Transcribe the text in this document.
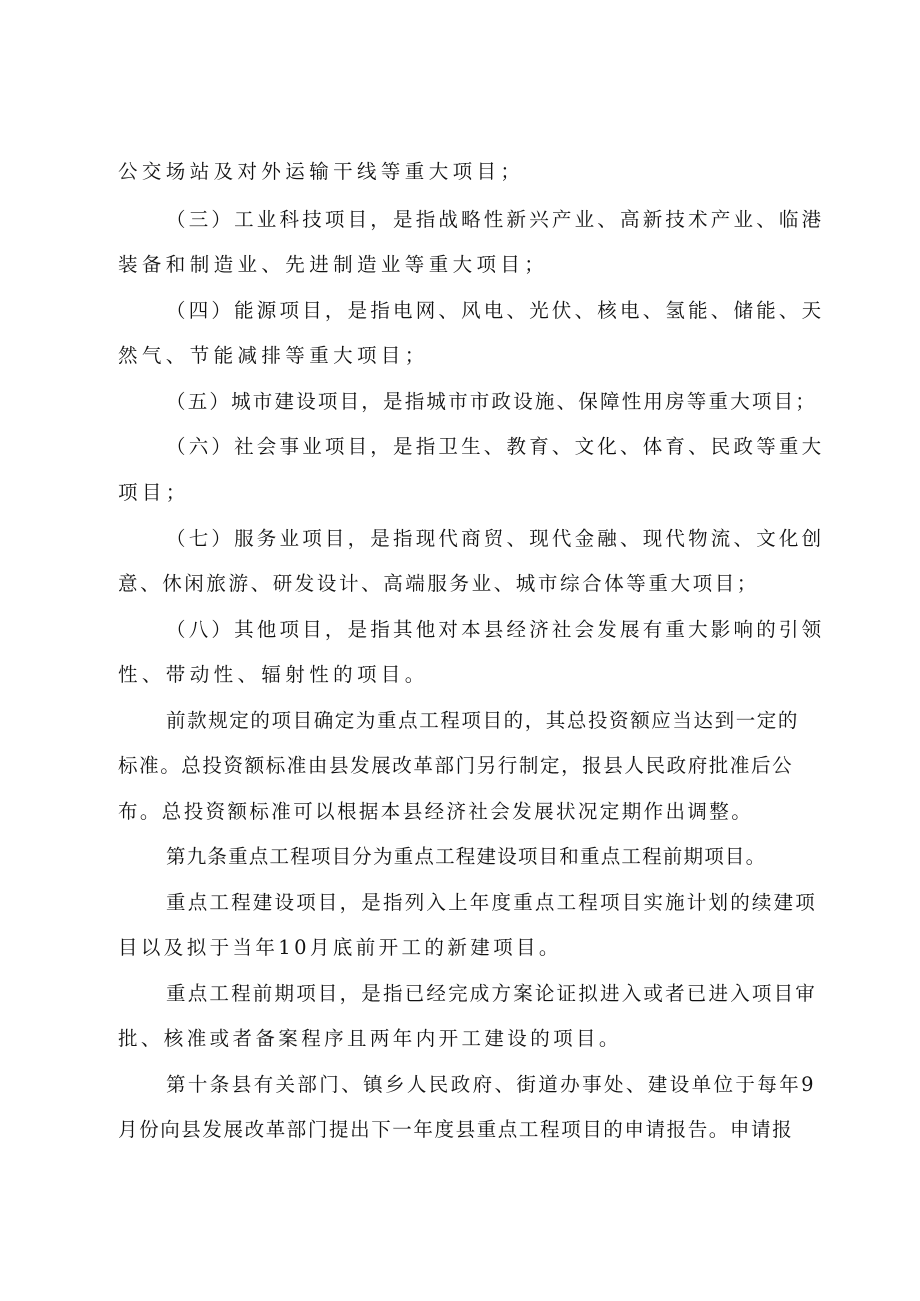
公交场站及对外运输干线等重大项目；
（三）工业科技项目，是指战略性新兴产业、高新技术产业、临港
装备和制造业、先进制造业等重大项目；
（四）能源项目，是指电网、风电、光伏、核电、氢能、储能、天
然气、节能减排等重大项目；
（五）城市建设项目，是指城市市政设施、保障性用房等重大项目；
（六）社会事业项目，是指卫生、教育、文化、体育、民政等重大
项目；
（七）服务业项目，是指现代商贸、现代金融、现代物流、文化创
意、休闲旅游、研发设计、高端服务业、城市综合体等重大项目；
（八）其他项目，是指其他对本县经济社会发展有重大影响的引领
性、带动性、辐射性的项目。
前款规定的项目确定为重点工程项目的，其总投资额应当达到一定的
标准。总投资额标准由县发展改革部门另行制定，报县人民政府批准后公
布。总投资额标准可以根据本县经济社会发展状况定期作出调整。
第九条重点工程项目分为重点工程建设项目和重点工程前期项目。
重点工程建设项目，是指列入上年度重点工程项目实施计划的续建项
目以及拟于当年10月底前开工的新建项目。
重点工程前期项目，是指已经完成方案论证拟进入或者已进入项目审
批、核准或者备案程序且两年内开工建设的项目。
第十条县有关部门、镇乡人民政府、街道办事处、建设单位于每年9
月份向县发展改革部门提出下一年度县重点工程项目的申请报告。申请报
